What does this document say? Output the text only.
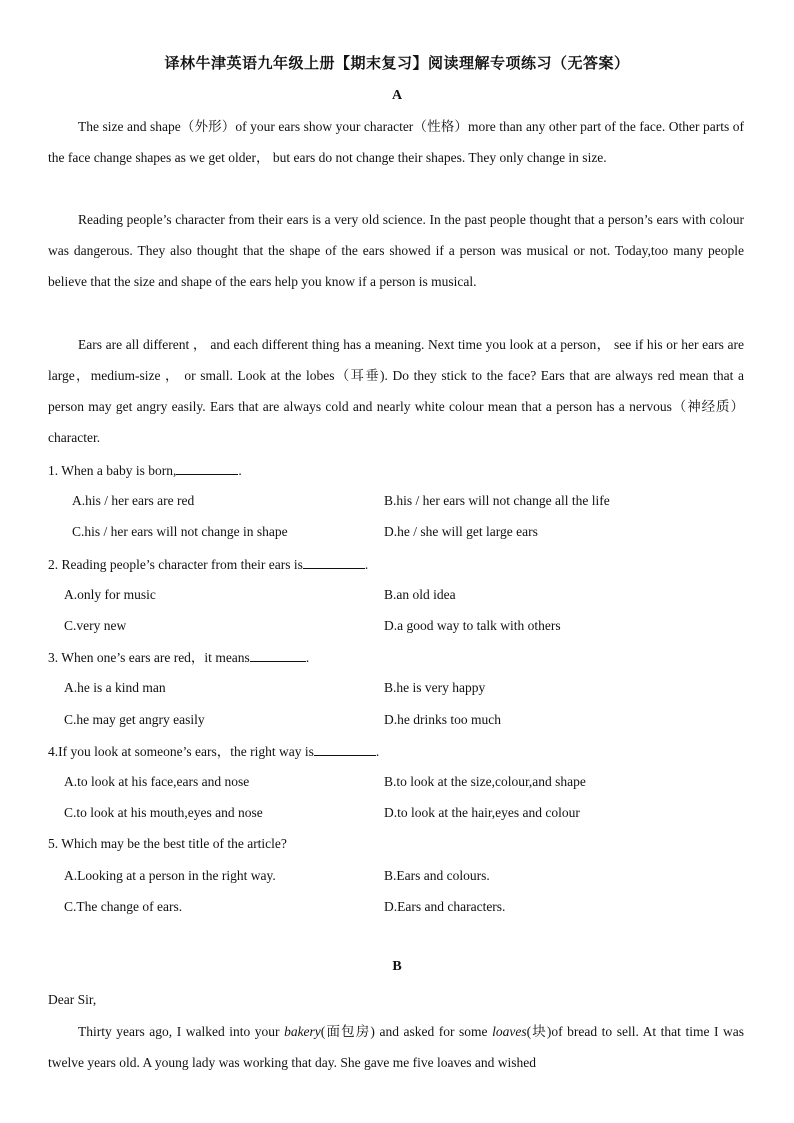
译林牛津英语九年级上册【期末复习】阅读理解专项练习（无答案）
A
The size and shape（外形）of your ears show your character（性格）more than any other part of the face. Other parts of the face change shapes as we get older， but ears do not change their shapes. They only change in size.
Reading people’s character from their ears is a very old science. In the past people thought that a person’s ears with colour was dangerous. They also thought that the shape of the ears showed if a person was musical or not. Today,too many people believe that the size and shape of the ears help you know if a person is musical.
Ears are all different ， and each different thing has a meaning. Next time you look at a person， see if his or her ears are large，medium-size ， or small. Look at the lobes（耳垂). Do they stick to the face? Ears that are always red mean that a person may get angry easily. Ears that are always cold and nearly white colour mean that a person has a nervous（神经质）character.
1. When a baby is born,	.
A.his / her ears are red	B.his / her ears will not change all the life
C.his / her ears will not change in shape	D.he / she will get large ears
2. Reading people’s character from their ears is	.
A.only for music	B.an old idea
C.very new	D.a good way to talk with others
3. When one’s ears are red，it means	.
A.he is a kind man	B.he is very happy
C.he may get angry easily	D.he drinks too much
4.If you look at someone’s ears，the right way is	.
A.to look at his face,ears and nose	B.to look at the size,colour,and shape
C.to look at his mouth,eyes and nose	D.to look at the hair,eyes and colour
5. Which may be the best title of the article?
A.Looking at a person in the right way.	B.Ears and colours.
C.The change of ears.	D.Ears and characters.
B
Dear Sir,
Thirty years ago, I walked into your bakery(面包房) and asked for some loaves(块)of bread to sell. At that time I was twelve years old. A young lady was working that day. She gave me five loaves and wished
